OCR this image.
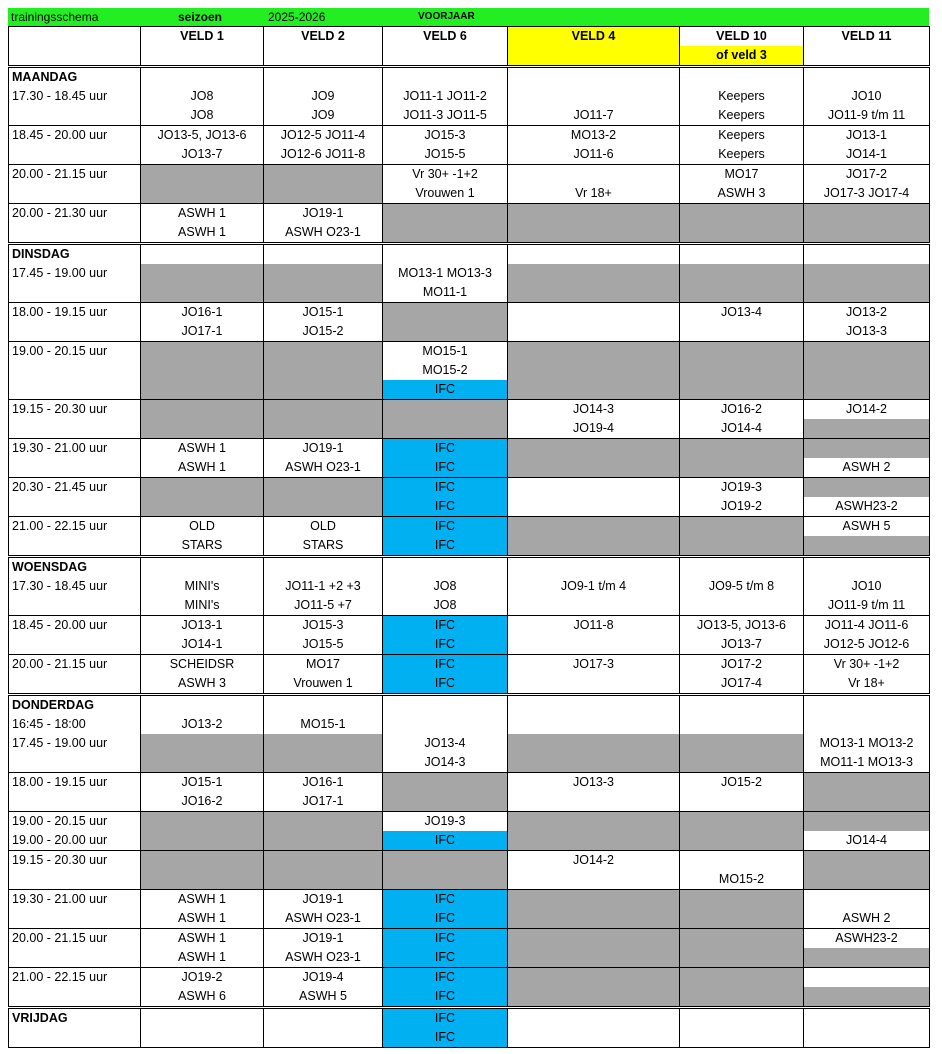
trainingsschema	seizoen	2025-2026	VOORJAAR
	VELD 1	VELD 2	VELD 6	VELD 4	VELD 10	VELD 11
					of veld 3	
MAANDAG						
17.30 - 18.45 uur	JO8	JO9	JO11-1 JO11-2		Keepers	JO10
	JO8	JO9	JO11-3 JO11-5	JO11-7	Keepers	JO11-9 t/m 11
18.45 - 20.00 uur	JO13-5, JO13-6	JO12-5 JO11-4	JO15-3	MO13-2	Keepers	JO13-1
	JO13-7	JO12-6 JO11-8	JO15-5	JO11-6	Keepers	JO14-1
20.00 - 21.15 uur			Vr 30+ -1+2		MO17	JO17-2
			Vrouwen 1	Vr 18+	ASWH 3	JO17-3 JO17-4
20.00 - 21.30 uur	ASWH 1	JO19-1				
	ASWH 1	ASWH O23-1				
DINSDAG						
17.45 - 19.00 uur			MO13-1 MO13-3			
			MO11-1			
18.00 - 19.15 uur	JO16-1	JO15-1			JO13-4	JO13-2
	JO17-1	JO15-2				JO13-3
19.00 - 20.15 uur			MO15-1			
			MO15-2			
			IFC			
19.15 - 20.30 uur				JO14-3	JO16-2	JO14-2
				JO19-4	JO14-4	
19.30 - 21.00 uur	ASWH 1	JO19-1	IFC			
	ASWH 1	ASWH O23-1	IFC			ASWH 2
20.30 - 21.45 uur			IFC		JO19-3	
			IFC		JO19-2	ASWH23-2
21.00 - 22.15 uur	OLD	OLD	IFC			ASWH 5
	STARS	STARS	IFC			
WOENSDAG						
17.30 - 18.45 uur	MINI's	JO11-1 +2 +3	JO8	JO9-1 t/m 4	JO9-5 t/m 8	JO10
	MINI's	JO11-5 +7	JO8			JO11-9 t/m 11
18.45 - 20.00 uur	JO13-1	JO15-3	IFC	JO11-8	JO13-5, JO13-6	JO11-4 JO11-6
	JO14-1	JO15-5	IFC		JO13-7	JO12-5 JO12-6
20.00 - 21.15 uur	SCHEIDSR	MO17	IFC	JO17-3	JO17-2	Vr 30+ -1+2
	ASWH 3	Vrouwen 1	IFC		JO17-4	Vr 18+
DONDERDAG						
16:45 - 18:00	JO13-2	MO15-1				
17.45 - 19.00 uur			JO13-4			MO13-1 MO13-2
			JO14-3			MO11-1 MO13-3
18.00 - 19.15 uur	JO15-1	JO16-1		JO13-3	JO15-2	
	JO16-2	JO17-1				
19.00 - 20.15 uur			JO19-3			
19.00 - 20.00 uur			IFC			JO14-4
19.15 - 20.30 uur				JO14-2		
					MO15-2	
19.30 - 21.00 uur	ASWH 1	JO19-1	IFC			
	ASWH 1	ASWH O23-1	IFC			ASWH 2
20.00 - 21.15 uur	ASWH 1	JO19-1	IFC			ASWH23-2
	ASWH 1	ASWH O23-1	IFC			
21.00 - 22.15 uur	JO19-2	JO19-4	IFC			
	ASWH 6	ASWH 5	IFC			
VRIJDAG			IFC			
			IFC			
